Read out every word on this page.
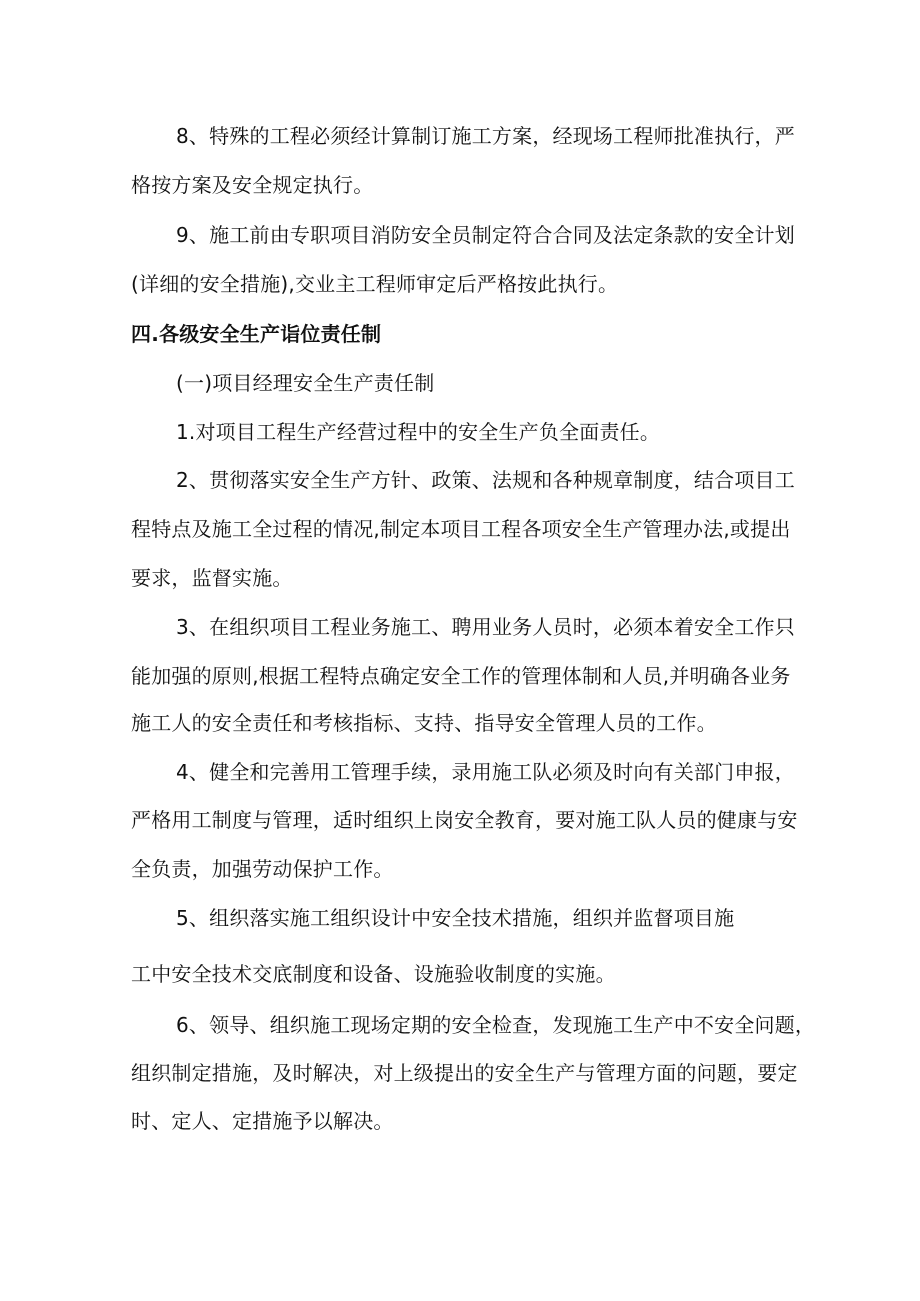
8、特殊的工程必须经计算制订施工方案，经现场工程师批准执行，严
格按方案及安全规定执行。
9、施工前由专职项目消防安全员制定符合合同及法定条款的安全计划
(详细的安全措施),交业主工程师审定后严格按此执行。
四.各级安全生产诣位责任制
(一)项目经理安全生产责任制
1.对项目工程生产经营过程中的安全生产负全面责任。
2、贯彻落实安全生产方针、政策、法规和各种规章制度，结合项目工
程特点及施工全过程的情况,制定本项目工程各项安全生产管理办法,或提出
要求，监督实施。
3、在组织项目工程业务施工、聘用业务人员时，必须本着安全工作只
能加强的原则,根据工程特点确定安全工作的管理体制和人员,并明确各业务
施工人的安全责任和考核指标、支持、指导安全管理人员的工作。
4、健全和完善用工管理手续，录用施工队必须及时向有关部门申报，
严格用工制度与管理，适时组织上岗安全教育，要对施工队人员的健康与安
全负责，加强劳动保护工作。
5、组织落实施工组织设计中安全技术措施，组织并监督项目施
工中安全技术交底制度和设备、设施验收制度的实施。
6、领导、组织施工现场定期的安全检查，发现施工生产中不安全问题，
组织制定措施，及时解决，对上级提出的安全生产与管理方面的问题，要定
时、定人、定措施予以解决。
